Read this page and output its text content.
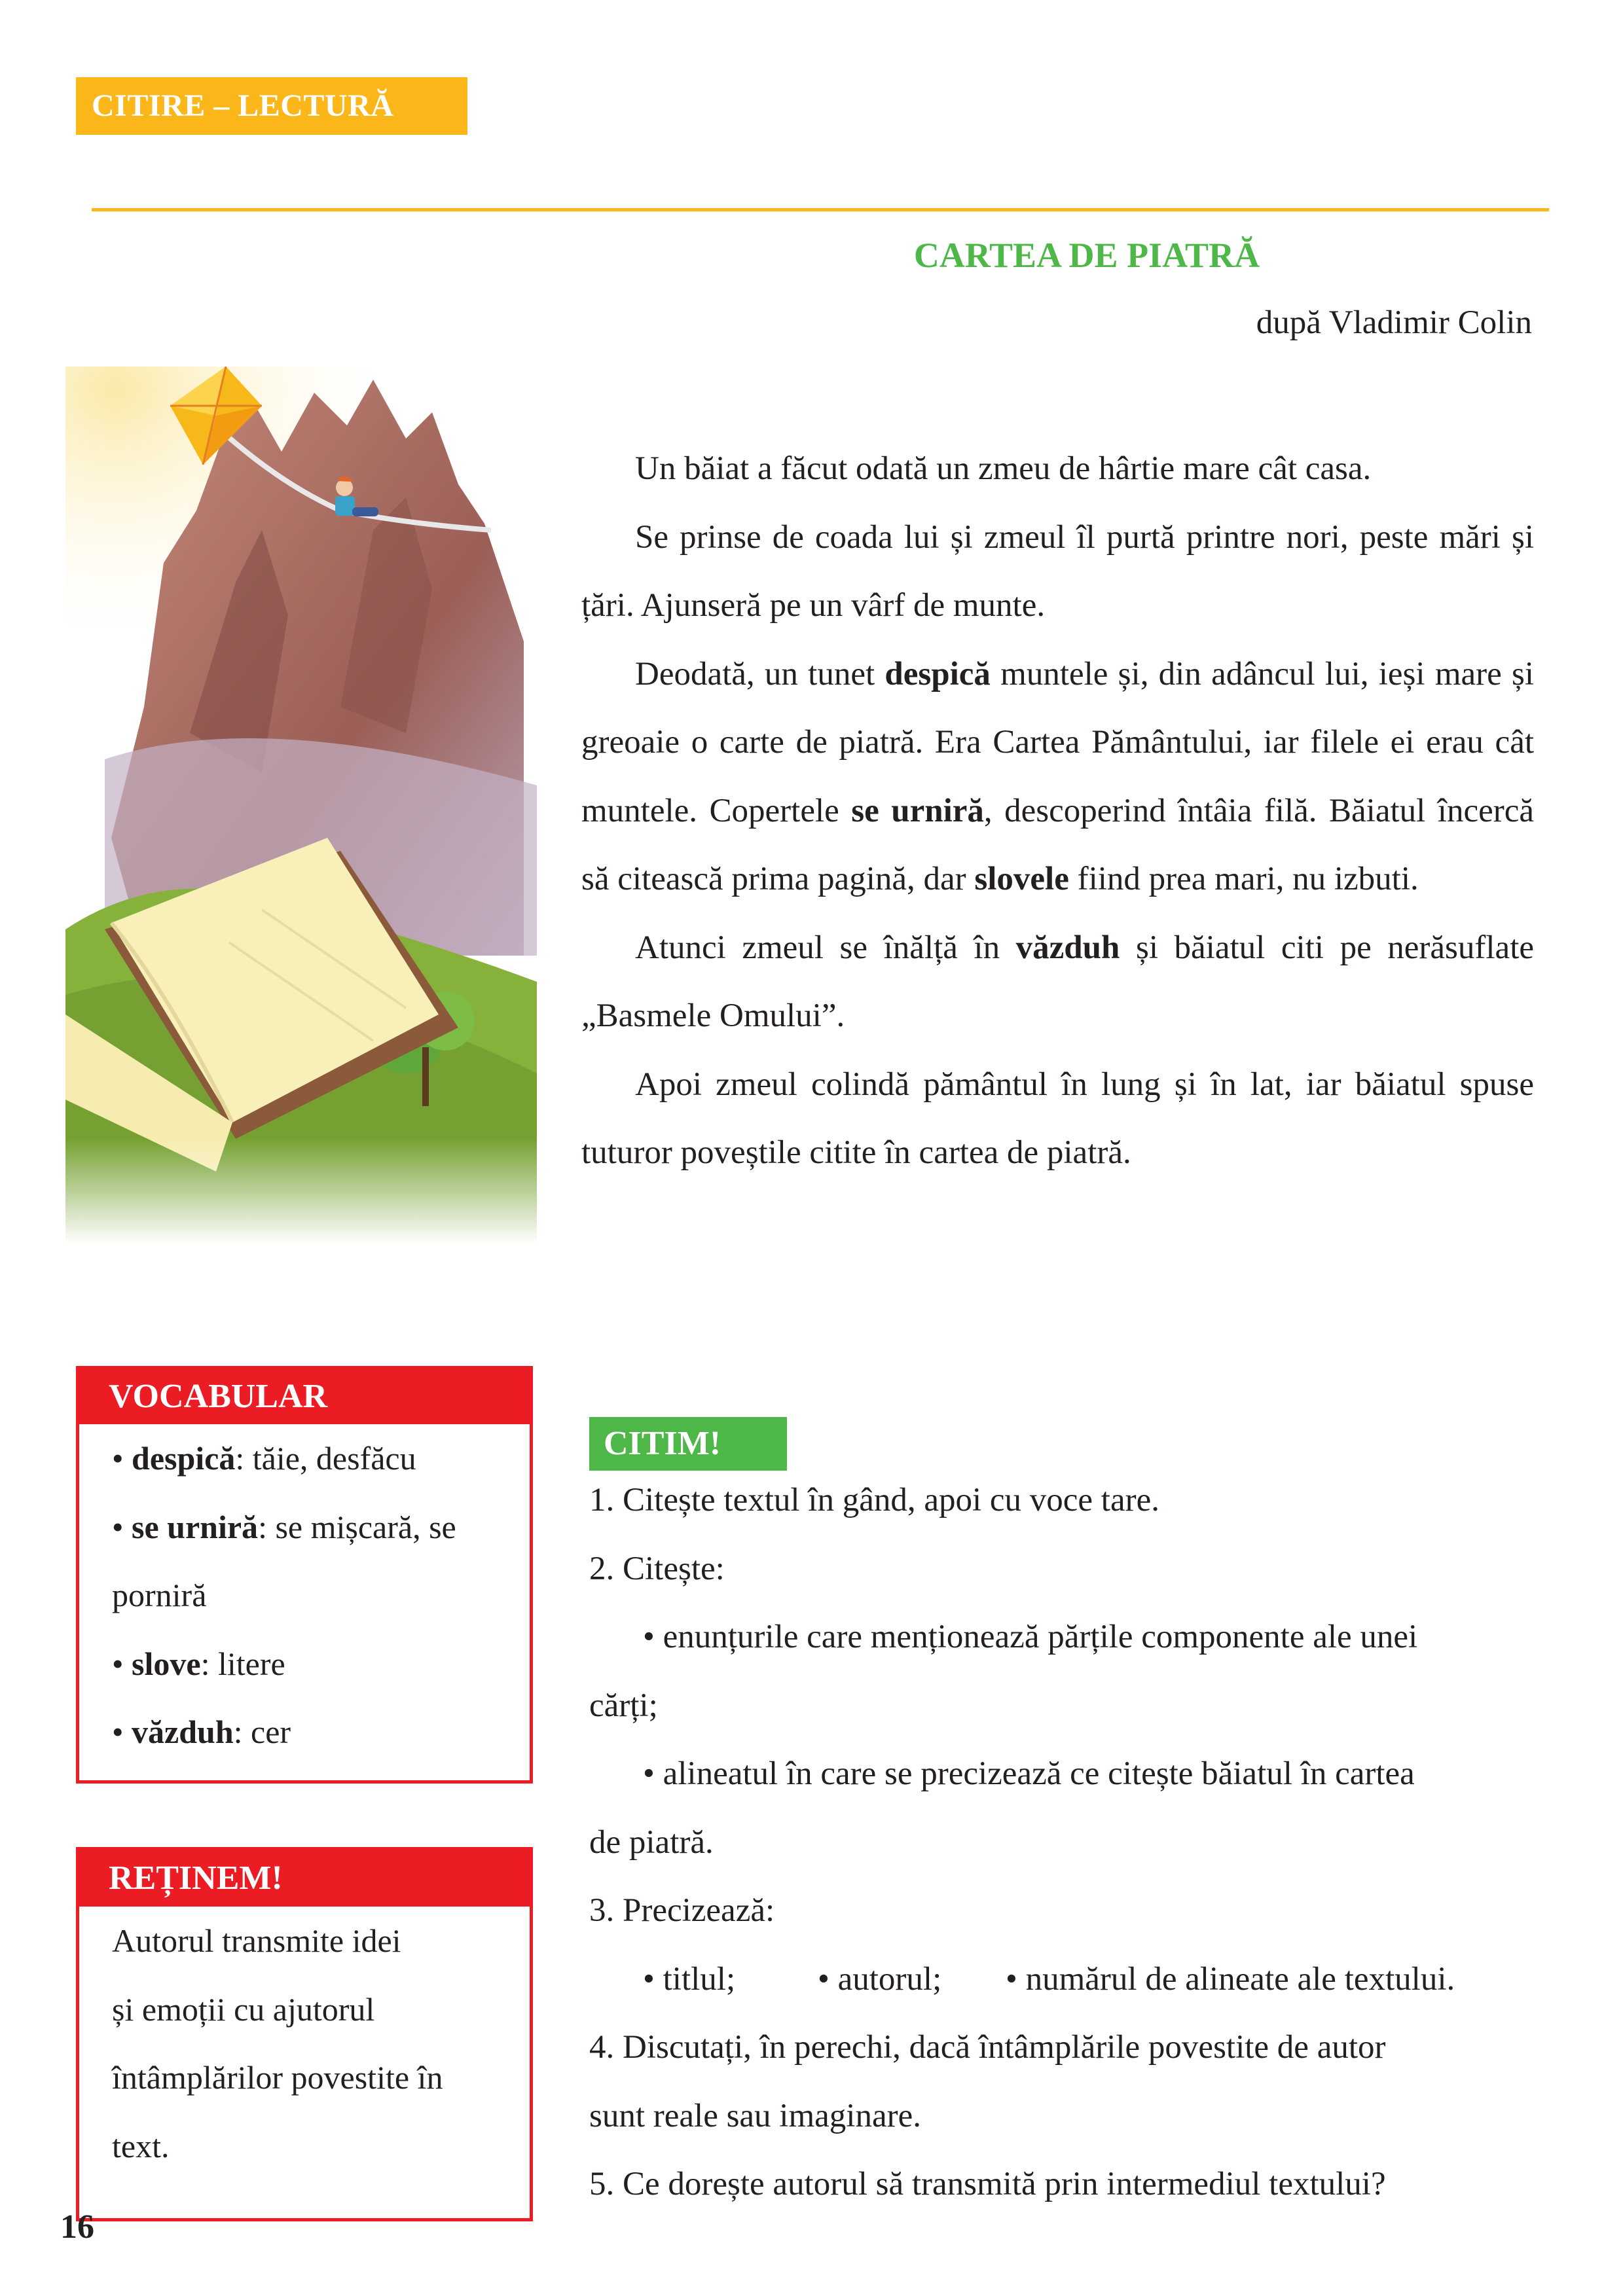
CITIRE – LECTURĂ
CARTEA DE PIATRĂ
după Vladimir Colin

Un băiat a făcut odată un zmeu de hârtie mare cât casa.

Se prinse de coada lui și zmeul îl purtă printre nori, peste mări și țări. Ajunseră pe un vârf de munte.

Deodată, un tunet despică muntele și, din adâncul lui, ieși mare și greoaie o carte de piatră. Era Cartea Pământului, iar filele ei erau cât muntele. Copertele se urniră, descoperind întâia filă. Băiatul încercă să citească prima pagină, dar slovele fiind prea mari, nu izbuti.

Atunci zmeul se înălță în văzduh și băiatul citi pe nerăsuflate „Basmele Omului”.

Apoi zmeul colindă pământul în lung și în lat, iar băiatul spuse tuturor poveștile citite în cartea de piatră.

VOCABULAR
• despică: tăie, desfăcu
• se urniră: se mișcară, se porniră
• slove: litere
• văzduh: cer
REȚINEM!
Autorul transmite idei
și emoții cu ajutorul
întâmplărilor povestite în
text.
CITIM!
1. Citește textul în gând, apoi cu voce tare.
2. Citește:
• enunțurile care menționează părțile componente ale unei
cărți;
• alineatul în care se precizează ce citește băiatul în cartea
de piatră.
3. Precizează:
• titlul; • autorul; • numărul de alineate ale textului.
4. Discutați, în perechi, dacă întâmplările povestite de autor
sunt reale sau imaginare.
5. Ce dorește autorul să transmită prin intermediul textului?
16
